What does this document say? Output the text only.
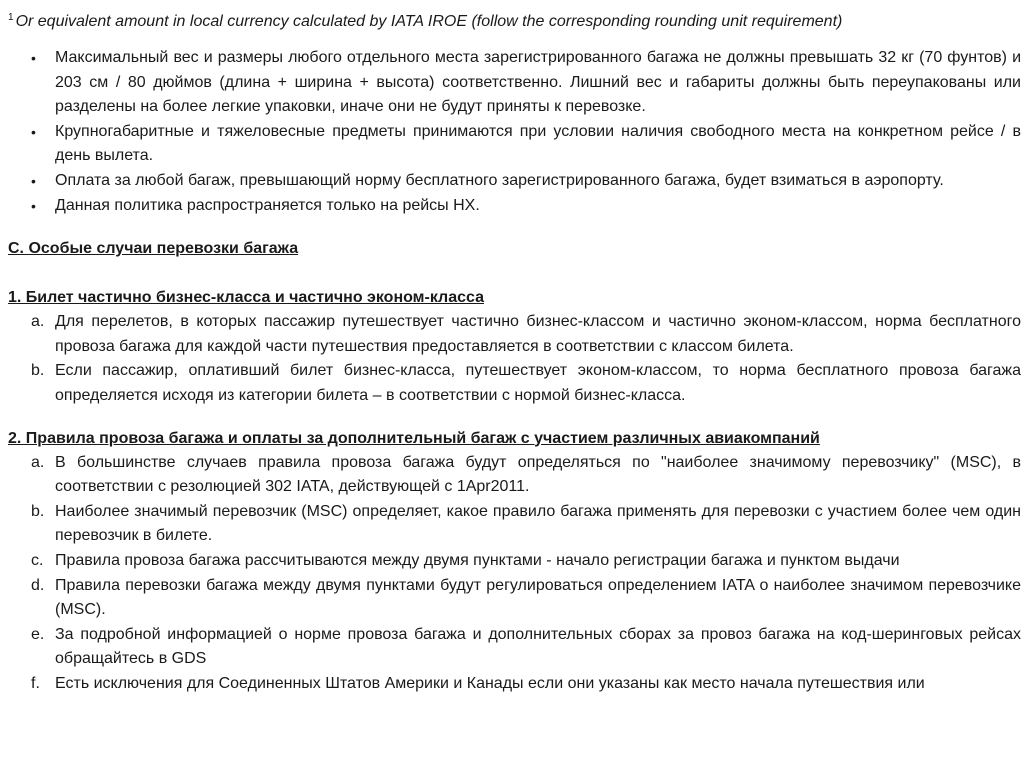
$^1$ Or equivalent amount in local currency calculated by IATA IROE (follow the corresponding rounding unit requirement)

• Максимальный вес и размеры любого отдельного места зарегистрированного багажа не должны превышать 32 кг (70 фунтов) и 203 см / 80 дюймов (длина + ширина + высота) соответственно. Лишний вес и габариты должны быть переупакованы или разделены на более легкие упаковки, иначе они не будут приняты к перевозке.
• Крупногабаритные и тяжеловесные предметы принимаются при условии наличия свободного места на конкретном рейсе / в день вылета.
• Оплата за любой багаж, превышающий норму бесплатного зарегистрированного багажа, будет взиматься в аэропорту.
• Данная политика распространяется только на рейсы HX.

C. Особые случаи перевозки багажа

1. Билет частично бизнес-класса и частично эконом-класса

a. Для перелетов, в которых пассажир путешествует частично бизнес-классом и частично эконом-классом, норма бесплатного провоза багажа для каждой части путешествия предоставляется в соответствии с классом билета.
b. Если пассажир, оплативший билет бизнес-класса, путешествует эконом-классом, то норма бесплатного провоза багажа определяется исходя из категории билета – в соответствии с нормой бизнес-класса.

2. Правила провоза багажа и оплаты за дополнительный багаж с участием различных авиакомпаний

a. В большинстве случаев правила провоза багажа будут определяться по "наиболее значимому перевозчику" (MSC), в соответствии с резолюцией 302 IATA, действующей с 1Apr2011.
b. Наиболее значимый перевозчик (MSC) определяет, какое правило багажа применять для перевозки с участием более чем один перевозчик в билете.
c. Правила провоза багажа рассчитываются между двумя пунктами - начало регистрации багажа и пунктом выдачи
d. Правила перевозки багажа между двумя пунктами будут регулироваться определением IATA о наиболее значимом перевозчике (MSC).
e. За подробной информацией о норме провоза багажа и дополнительных сборах за провоз багажа на код-шеринговых рейсах обращайтесь в GDS
f. Есть исключения для Соединенных Штатов Америки и Канады если они указаны как место начала путешествия или
